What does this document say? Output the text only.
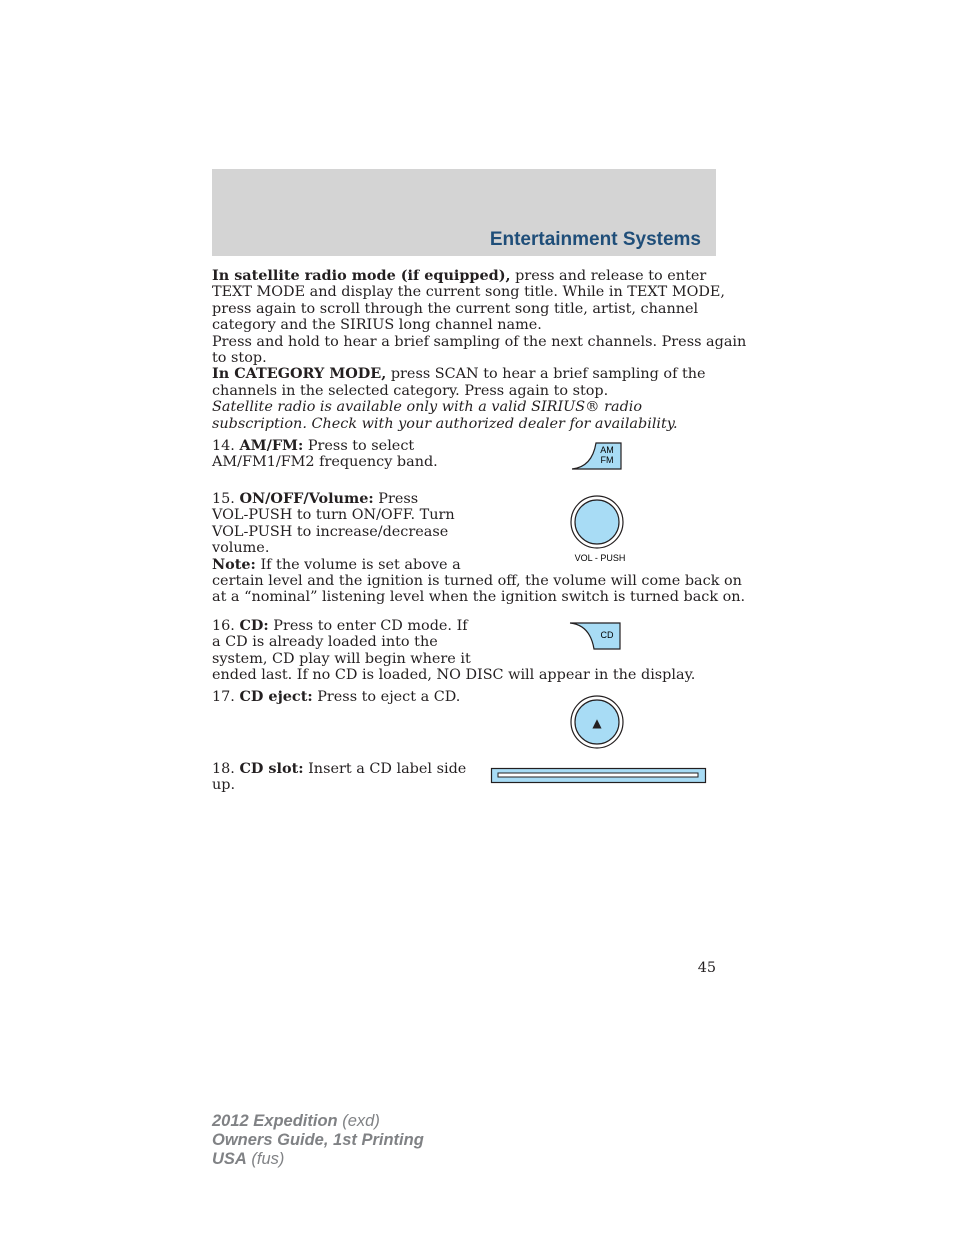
Entertainment Systems
In satellite radio mode (if equipped), press and release to enter
TEXT MODE and display the current song title. While in TEXT MODE,
press again to scroll through the current song title, artist, channel
category and the SIRIUS long channel name.
Press and hold to hear a brief sampling of the next channels. Press again
to stop.
In CATEGORY MODE, press SCAN to hear a brief sampling of the
channels in the selected category. Press again to stop.
Satellite radio is available only with a valid SIRIUS® radio
subscription. Check with your authorized dealer for availability.
14. AM/FM: Press to select
AM/FM1/FM2 frequency band.
AM
FM
15. ON/OFF/Volume: Press
VOL-PUSH to turn ON/OFF. Turn
VOL-PUSH to increase/decrease
volume.
Note: If the volume is set above a
certain level and the ignition is turned off, the volume will come back on
at a “nominal” listening level when the ignition switch is turned back on.
VOL - PUSH
16. CD: Press to enter CD mode. If
a CD is already loaded into the
system, CD play will begin where it
ended last. If no CD is loaded, NO DISC will appear in the display.
CD
17. CD eject: Press to eject a CD.
▲
18. CD slot: Insert a CD label side
up.
45
2012 Expedition (exd)
Owners Guide, 1st Printing
USA (fus)
